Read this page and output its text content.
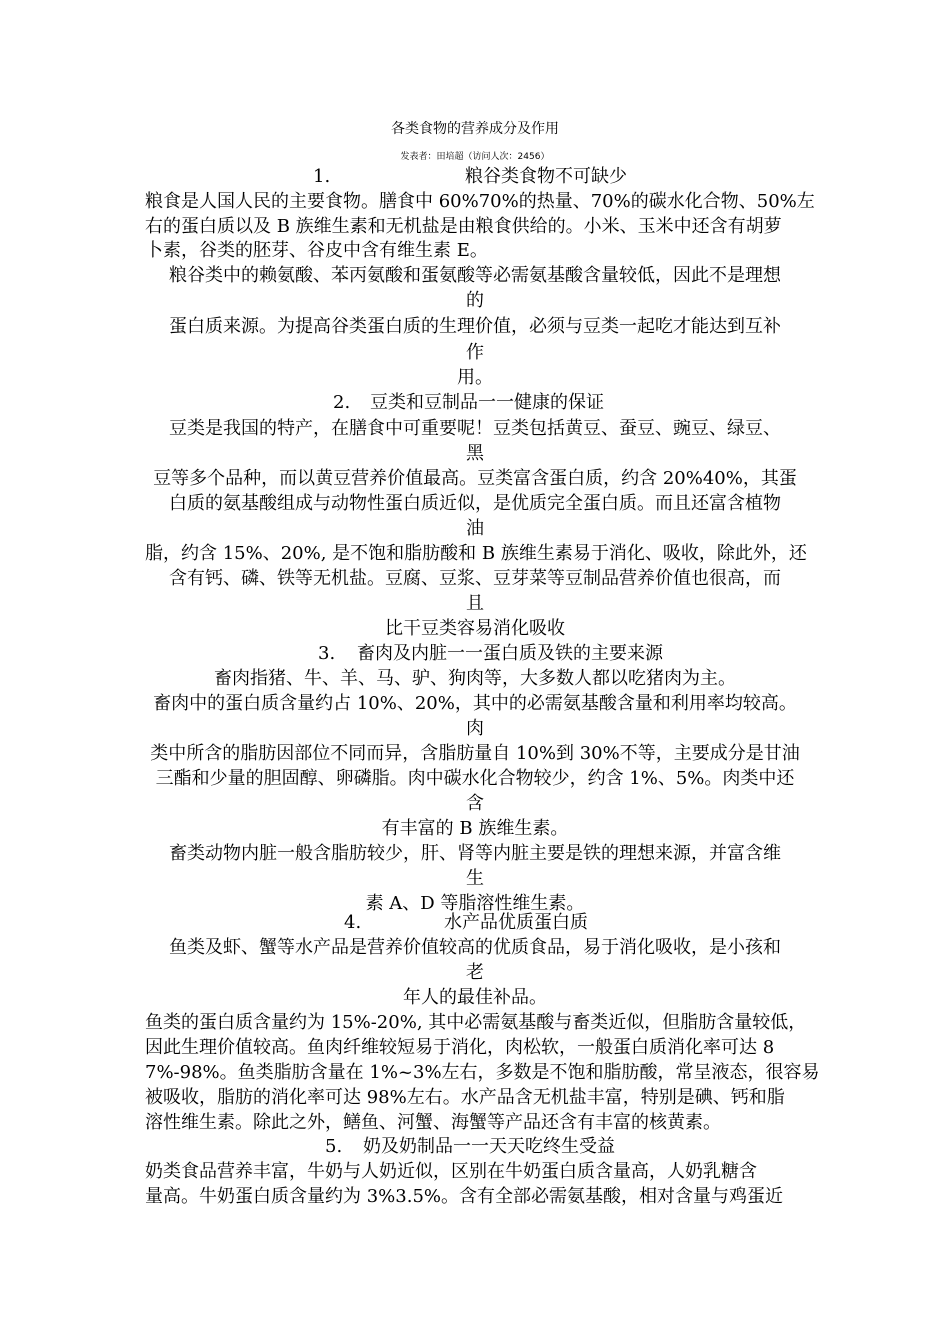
各类食物的营养成分及作用
发表者：田培超（访问人次：2456）
1.	粮谷类食物不可缺少
粮食是人国人民的主要食物。膳食中 60%70%的热量、70%的碳水化合物、50%左
右的蛋白质以及 B 族维生素和无机盐是由粮食供给的。小米、玉米中还含有胡萝
卜素，谷类的胚芽、谷皮中含有维生素 E。
粮谷类中的赖氨酸、苯丙氨酸和蛋氨酸等必需氨基酸含量较低，因此不是理想
的
蛋白质来源。为提高谷类蛋白质的生理价值，必须与豆类一起吃才能达到互补
作
用。
2. 豆类和豆制品一一健康的保证
豆类是我国的特产，在膳食中可重要呢！豆类包括黄豆、蚕豆、豌豆、绿豆、
黑
豆等多个品种，而以黄豆营养价值最高。豆类富含蛋白质，约含 20%40%，其蛋
白质的氨基酸组成与动物性蛋白质近似，是优质完全蛋白质。而且还富含植物
油
脂，约含 15%、20%, 是不饱和脂肪酸和 B 族维生素易于消化、吸收，除此外，还
含有钙、磷、铁等无机盐。豆腐、豆浆、豆芽菜等豆制品营养价值也很高，而
且
比干豆类容易消化吸收
3. 畜肉及内脏一一蛋白质及铁的主要来源
畜肉指猪、牛、羊、马、驴、狗肉等，大多数人都以吃猪肉为主。
畜肉中的蛋白质含量约占 10%、20%，其中的必需氨基酸含量和利用率均较高。
肉
类中所含的脂肪因部位不同而异，含脂肪量自 10%到 30%不等，主要成分是甘油
三酯和少量的胆固醇、卵磷脂。肉中碳水化合物较少，约含 1%、5%。肉类中还
含
有丰富的 B 族维生素。
畜类动物内脏一般含脂肪较少，肝、肾等内脏主要是铁的理想来源，并富含维
生
素 A、D 等脂溶性维生素。
4.	水产品优质蛋白质
鱼类及虾、蟹等水产品是营养价值较高的优质食品，易于消化吸收，是小孩和
老
年人的最佳补品。
鱼类的蛋白质含量约为 15%-20%, 其中必需氨基酸与畜类近似，但脂肪含量较低，
因此生理价值较高。鱼肉纤维较短易于消化，肉松软，一般蛋白质消化率可达 8
7%-98%。鱼类脂肪含量在 1%~3%左右，多数是不饱和脂肪酸，常呈液态，很容易
被吸收，脂肪的消化率可达 98%左右。水产品含无机盐丰富，特别是碘、钙和脂
溶性维生素。除此之外，鳝鱼、河蟹、海蟹等产品还含有丰富的核黄素。
5. 奶及奶制品一一天天吃终生受益
奶类食品营养丰富，牛奶与人奶近似，区别在牛奶蛋白质含量高，人奶乳糖含
量高。牛奶蛋白质含量约为 3%3.5%。含有全部必需氨基酸，相对含量与鸡蛋近
